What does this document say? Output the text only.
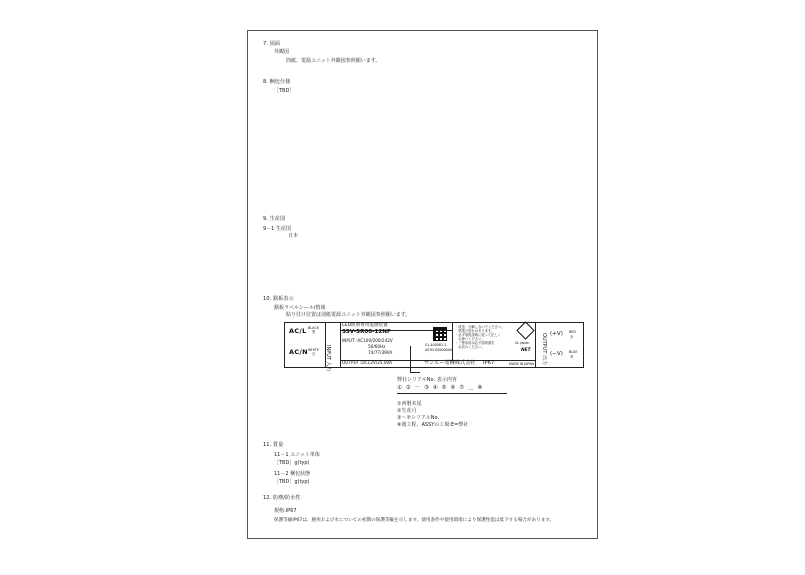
7. 図面
外観図
筒紙、電源ユニット外観図参照願います。
8. 梱包仕様
［TBD］
9. 生産国
9－1 生産国
日本
10. 銘板表示
銘板ラベルシール/情報
貼り付け位置は別紙電源ユニット外観図参照願います。
AC/L BLACK
黒
AC/N WHITE
白 INPUT 入力
LED照明専用電源装置
SSV-SR00-12NF
INPUT :AC100/200/242V
50/60Hz
74/77/39VA
OUTPUT :DC12V/25.00A
S1-4000B1-1
ASYD-ES000000
・改造・分解しないでください。
　感電の恐れがあります。
・必ず取扱説明に従って正しく
　お使いください。
・ご使用前は必ず説明書を
　お読みください。
UL Japan
NET
サンエー電機株式会社 IP67	MADE IN JAPAN OUTPUT 出力 (+V) RED
赤
(−V) BLUE
青
弊社シリアルNo. 表示内容
① ② － ③ ④ ⑤ ⑥ ⑦ ＿ ⑧
①西暦末尾
②生産月
③～⑦シリアルNo.
⑧後工程、ASSYの工場:E=弊社
11. 質量
11－1 ユニット単体
［TBD］g(typ)
11－2 梱包状態
［TBD］g(typ)
12. 防塵/防水性
規格:IP67
保護等級IP67は、塵埃および水についての初期の保護等級を示します。使用条件や使用環境により保護性能は低下する場合があります。
